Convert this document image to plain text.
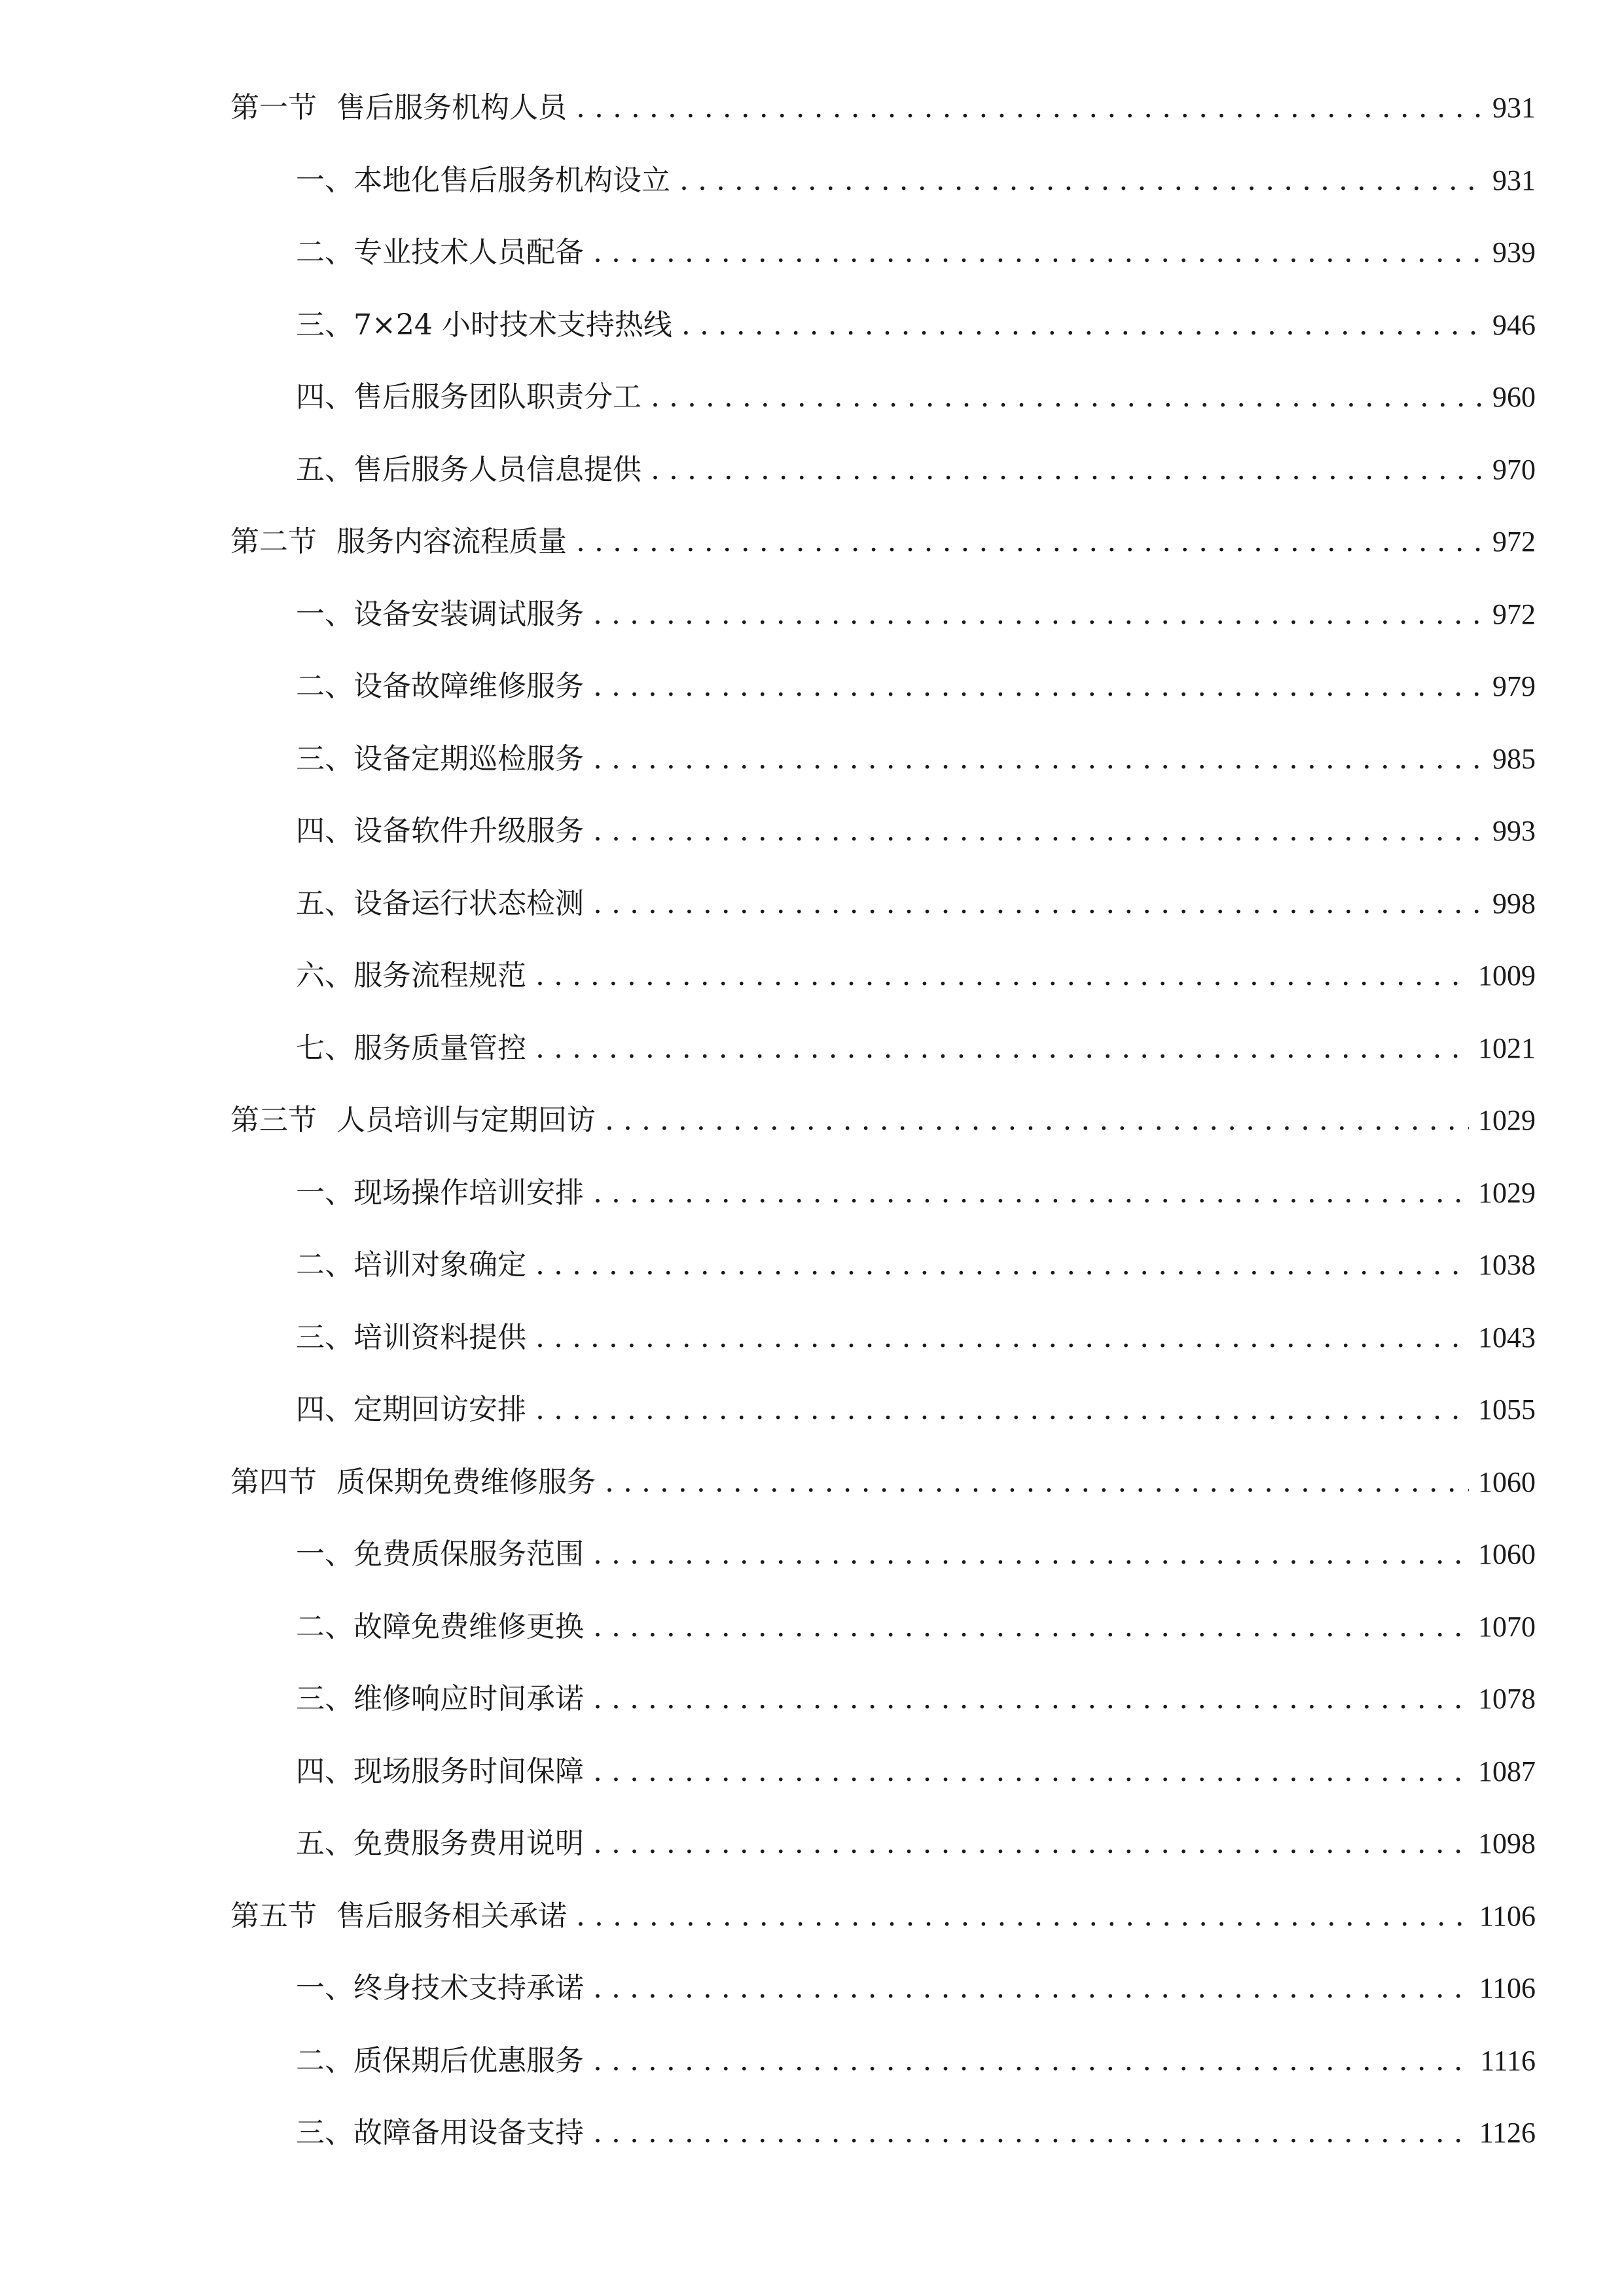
第一节 售后服务机构人员 . . .	931
一、 本地化售后服务机构设立 . . .	931
二、 专业技术人员配备 . . .	939
三、 7×24 小时技术支持热线 . . .	946
四、 售后服务团队职责分工 . . .	960
五、 售后服务人员信息提供 . . .	970
第二节 服务内容流程质量 . . .	972
一、 设备安装调试服务 . . .	972
二、 设备故障维修服务 . . .	979
三、 设备定期巡检服务 . . .	985
四、 设备软件升级服务 . . .	993
五、 设备运行状态检测 . . .	998
六、 服务流程规范 . . .	1009
七、 服务质量管控 . . .	1021
第三节 人员培训与定期回访 . . .	1029
一、 现场操作培训安排 . . .	1029
二、 培训对象确定 . . .	1038
三、 培训资料提供 . . .	1043
四、 定期回访安排 . . .	1055
第四节 质保期免费维修服务 . . .	1060
一、 免费质保服务范围 . . .	1060
二、 故障免费维修更换 . . .	1070
三、 维修响应时间承诺 . . .	1078
四、 现场服务时间保障 . . .	1087
五、 免费服务费用说明 . . .	1098
第五节 售后服务相关承诺 . . .	1106
一、 终身技术支持承诺 . . .	1106
二、 质保期后优惠服务 . . .	1116
三、 故障备用设备支持 . . .	1126
